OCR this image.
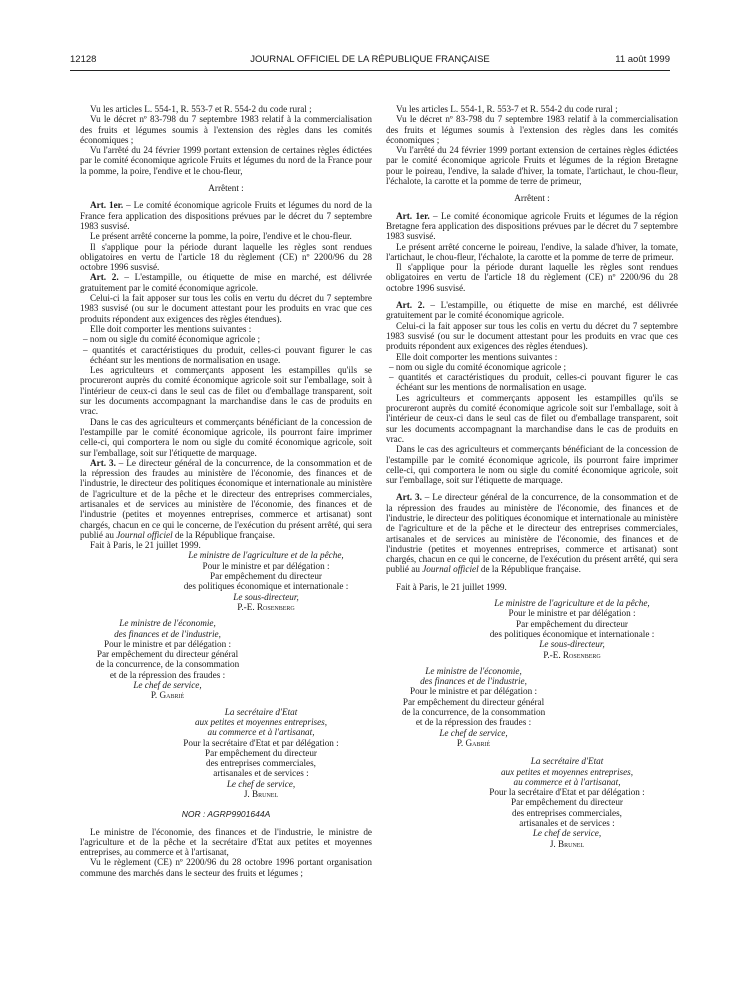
12128	JOURNAL OFFICIEL DE LA RÉPUBLIQUE FRANÇAISE	11 août 1999

Vu les articles L. 554-1, R. 553-7 et R. 554-2 du code rural ;

Vu le décret nº 83-798 du 7 septembre 1983 relatif à la commercialisation des fruits et légumes soumis à l'extension des règles dans les comités économiques ;

Vu l'arrêté du 24 février 1999 portant extension de certaines règles édictées par le comité économique agricole Fruits et légumes du nord de la France pour la pomme, la poire, l'endive et le chou-fleur,

Arrêtent :

Art. 1er. – Le comité économique agricole Fruits et légumes du nord de la France fera application des dispositions prévues par le décret du 7 septembre 1983 susvisé.

Le présent arrêté concerne la pomme, la poire, l'endive et le chou-fleur.

Il s'applique pour la période durant laquelle les règles sont rendues obligatoires en vertu de l'article 18 du règlement (CE) nº 2200/96 du 28 octobre 1996 susvisé.

Art. 2. – L'estampille, ou étiquette de mise en marché, est délivrée gratuitement par le comité économique agricole.

Celui-ci la fait apposer sur tous les colis en vertu du décret du 7 septembre 1983 susvisé (ou sur le document attestant pour les produits en vrac que ces produits répondent aux exigences des règles étendues).

Elle doit comporter les mentions suivantes :

– nom ou sigle du comité économique agricole ;
– quantités et caractéristiques du produit, celles-ci pouvant figurer le cas échéant sur les mentions de normalisation en usage.

Les agriculteurs et commerçants apposent les estampilles qu'ils se procureront auprès du comité économique agricole soit sur l'emballage, soit à l'intérieur de ceux-ci dans le seul cas de filet ou d'emballage transparent, soit sur les documents accompagnant la marchandise dans le cas de produits en vrac.

Dans le cas des agriculteurs et commerçants bénéficiant de la concession de l'estampille par le comité économique agricole, ils pourront faire imprimer celle-ci, qui comportera le nom ou sigle du comité économique agricole, soit sur l'emballage, soit sur l'étiquette de marquage.

Art. 3. – Le directeur général de la concurrence, de la consommation et de la répression des fraudes au ministère de l'économie, des finances et de l'industrie, le directeur des politiques économique et internationale au ministère de l'agriculture et de la pêche et le directeur des entreprises commerciales, artisanales et de services au ministère de l'économie, des finances et de l'industrie (petites et moyennes entreprises, commerce et artisanat) sont chargés, chacun en ce qui le concerne, de l'exécution du présent arrêté, qui sera publié au Journal officiel de la République française.

Fait à Paris, le 21 juillet 1999.

Le ministre de l'agriculture et de la pêche,
Pour le ministre et par délégation :
Par empêchement du directeur
des politiques économique et internationale :
Le sous-directeur,
P.-E. Rosenberg
Le ministre de l'économie,
des finances et de l'industrie,
Pour le ministre et par délégation :
Par empêchement du directeur général
de la concurrence, de la consommation
et de la répression des fraudes :
Le chef de service,
P. Gabrié
La secrétaire d'Etat
aux petites et moyennes entreprises,
au commerce et à l'artisanat,
Pour la secrétaire d'Etat et par délégation :
Par empêchement du directeur
des entreprises commerciales,
artisanales et de services :
Le chef de service,
J. Brunel

NOR : AGRP9901644A

Le ministre de l'économie, des finances et de l'industrie, le ministre de l'agriculture et de la pêche et la secrétaire d'Etat aux petites et moyennes entreprises, au commerce et à l'artisanat,

Vu le règlement (CE) nº 2200/96 du 28 octobre 1996 portant organisation commune des marchés dans le secteur des fruits et légumes ;

Vu les articles L. 554-1, R. 553-7 et R. 554-2 du code rural ;

Vu le décret nº 83-798 du 7 septembre 1983 relatif à la commercialisation des fruits et légumes soumis à l'extension des règles dans les comités économiques ;

Vu l'arrêté du 24 février 1999 portant extension de certaines règles édictées par le comité économique agricole Fruits et légumes de la région Bretagne pour le poireau, l'endive, la salade d'hiver, la tomate, l'artichaut, le chou-fleur, l'échalote, la carotte et la pomme de terre de primeur,

Arrêtent :

Art. 1er. – Le comité économique agricole Fruits et légumes de la région Bretagne fera application des dispositions prévues par le décret du 7 septembre 1983 susvisé.

Le présent arrêté concerne le poireau, l'endive, la salade d'hiver, la tomate, l'artichaut, le chou-fleur, l'échalote, la carotte et la pomme de terre de primeur.

Il s'applique pour la période durant laquelle les règles sont rendues obligatoires en vertu de l'article 18 du règlement (CE) nº 2200/96 du 28 octobre 1996 susvisé.

Art. 2. – L'estampille, ou étiquette de mise en marché, est délivrée gratuitement par le comité économique agricole.

Celui-ci la fait apposer sur tous les colis en vertu du décret du 7 septembre 1983 susvisé (ou sur le document attestant pour les produits en vrac que ces produits répondent aux exigences des règles étendues).

Elle doit comporter les mentions suivantes :

– nom ou sigle du comité économique agricole ;
– quantités et caractéristiques du produit, celles-ci pouvant figurer le cas échéant sur les mentions de normalisation en usage.

Les agriculteurs et commerçants apposent les estampilles qu'ils se procureront auprès du comité économique agricole soit sur l'emballage, soit à l'intérieur de ceux-ci dans le seul cas de filet ou d'emballage transparent, soit sur les documents accompagnant la marchandise dans le cas de produits en vrac.

Dans le cas des agriculteurs et commerçants bénéficiant de la concession de l'estampille par le comité économique agricole, ils pourront faire imprimer celle-ci, qui comportera le nom ou sigle du comité économique agricole, soit sur l'emballage, soit sur l'étiquette de marquage.

Art. 3. – Le directeur général de la concurrence, de la consommation et de la répression des fraudes au ministère de l'économie, des finances et de l'industrie, le directeur des politiques économique et internationale au ministère de l'agriculture et de la pêche et le directeur des entreprises commerciales, artisanales et de services au ministère de l'économie, des finances et de l'industrie (petites et moyennes entreprises, commerce et artisanat) sont chargés, chacun en ce qui le concerne, de l'exécution du présent arrêté, qui sera publié au Journal officiel de la République française.

Fait à Paris, le 21 juillet 1999.

Le ministre de l'agriculture et de la pêche,
Pour le ministre et par délégation :
Par empêchement du directeur
des politiques économique et internationale :
Le sous-directeur,
P.-E. Rosenberg
Le ministre de l'économie,
des finances et de l'industrie,
Pour le ministre et par délégation :
Par empêchement du directeur général
de la concurrence, de la consommation
et de la répression des fraudes :
Le chef de service,
P. Gabrié
La secrétaire d'Etat
aux petites et moyennes entreprises,
au commerce et à l'artisanat,
Pour la secrétaire d'Etat et par délégation :
Par empêchement du directeur
des entreprises commerciales,
artisanales et de services :
Le chef de service,
J. Brunel
